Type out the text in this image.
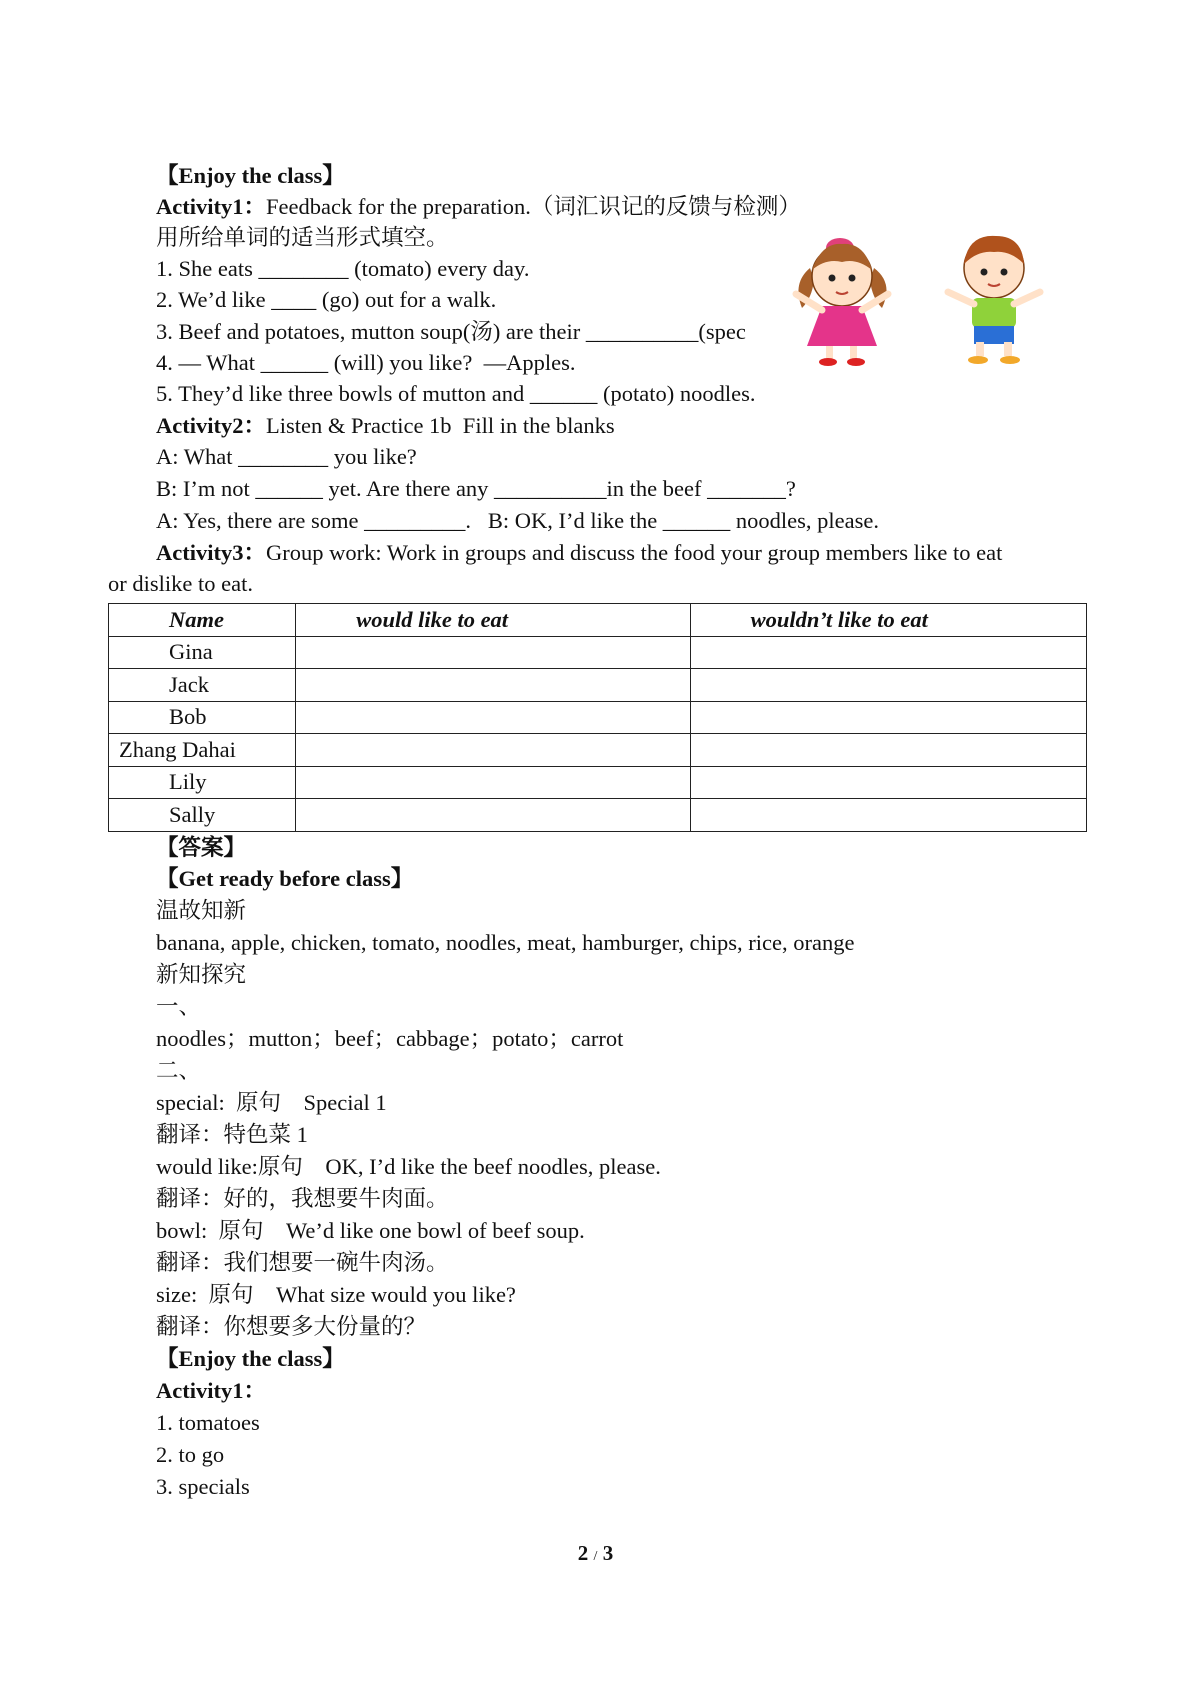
【Enjoy the class】
Activity1：Feedback for the preparation.（词汇识记的反馈与检测）
用所给单词的适当形式填空。
1. She eats ________ (tomato) every day.
2. We’d like ____ (go) out for a walk.
3. Beef and potatoes, mutton soup(汤) are their __________(spec
4. — What ______ (will) you like?  —Apples.
5. They’d like three bowls of mutton and ______ (potato) noodles.
Activity2：Listen & Practice 1b  Fill in the blanks
A: What ________ you like?
B: I’m not ______ yet. Are there any __________in the beef _______?
A: Yes, there are some _________.   B: OK, I’d like the ______ noodles, please.
Activity3：Group work: Work in groups and discuss the food your group members like to eat
or dislike to eat.
Name	would like to eat	wouldn’t like to eat
Gina		
Jack		
Bob		
Zhang Dahai		
Lily		
Sally		
【答案】
【Get ready before class】
温故知新
banana, apple, chicken, tomato, noodles, meat, hamburger, chips, rice, orange
新知探究
一、
noodles；mutton；beef；cabbage；potato；carrot
二、
special:  原句    Special 1
翻译：特色菜 1
would like:原句    OK, I’d like the beef noodles, please.
翻译：好的，我想要牛肉面。
bowl:  原句    We’d like one bowl of beef soup.
翻译：我们想要一碗牛肉汤。
size:  原句    What size would you like?
翻译：你想要多大份量的？
【Enjoy the class】
Activity1：
1. tomatoes
2. to go
3. specials
2 / 3
